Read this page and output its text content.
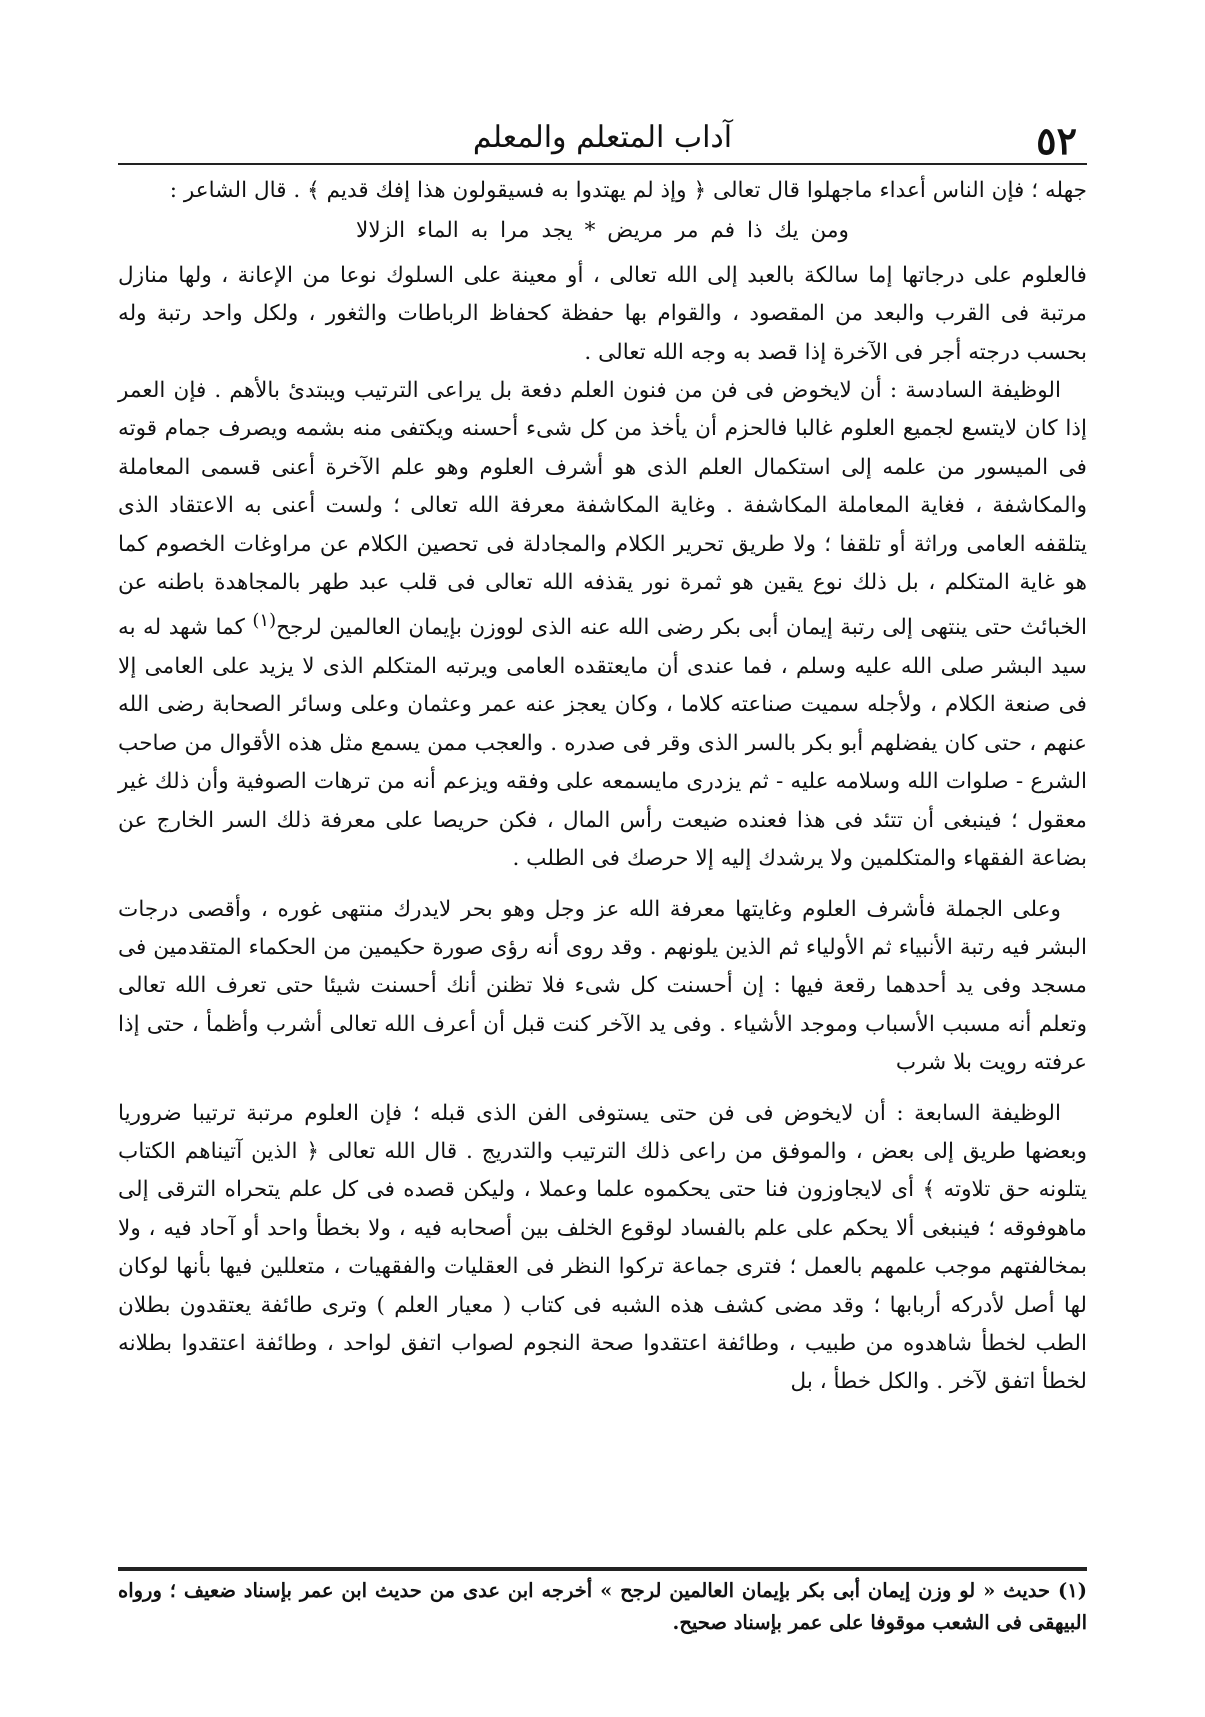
٥٢
آداب المتعلم والمعلم

جهله ؛ فإن الناس أعداء ماجهلوا قال تعالى ﴿ وإذ لم يهتدوا به فسيقولون هذا إفك قديم ﴾ . قال الشاعر :

ومن يك ذا فم مر مريض * يجد مرا به الماء الزلالا

فالعلوم على درجاتها إما سالكة بالعبد إلى الله تعالى ، أو معينة على السلوك نوعا من الإعانة ، ولها منازل مرتبة فى القرب والبعد من المقصود ، والقوام بها حفظة كحفاظ الرباطات والثغور ، ولكل واحد رتبة وله بحسب درجته أجر فى الآخرة إذا قصد به وجه الله تعالى .

الوظيفة السادسة : أن لايخوض فى فن من فنون العلم دفعة بل يراعى الترتيب ويبتدئ بالأهم . فإن العمر إذا كان لايتسع لجميع العلوم غالبا فالحزم أن يأخذ من كل شىء أحسنه ويكتفى منه بشمه ويصرف جمام قوته فى الميسور من علمه إلى استكمال العلم الذى هو أشرف العلوم وهو علم الآخرة أعنى قسمى المعاملة والمكاشفة ، فغاية المعاملة المكاشفة . وغاية المكاشفة معرفة الله تعالى ؛ ولست أعنى به الاعتقاد الذى يتلقفه العامى وراثة أو تلقفا ؛ ولا طريق تحرير الكلام والمجادلة فى تحصين الكلام عن مراوغات الخصوم كما هو غاية المتكلم ، بل ذلك نوع يقين هو ثمرة نور يقذفه الله تعالى فى قلب عبد طهر بالمجاهدة باطنه عن الخبائث حتى ينتهى إلى رتبة إيمان أبى بكر رضى الله عنه الذى لووزن بإيمان العالمين لرجح$^{(١)}$ كما شهد له به سيد البشر صلى الله عليه وسلم ، فما عندى أن مايعتقده العامى ويرتبه المتكلم الذى لا يزيد على العامى إلا فى صنعة الكلام ، ولأجله سميت صناعته كلاما ، وكان يعجز عنه عمر وعثمان وعلى وسائر الصحابة رضى الله عنهم ، حتى كان يفضلهم أبو بكر بالسر الذى وقر فى صدره . والعجب ممن يسمع مثل هذه الأقوال من صاحب الشرع - صلوات الله وسلامه عليه - ثم يزدرى مايسمعه على وفقه ويزعم أنه من ترهات الصوفية وأن ذلك غير معقول ؛ فينبغى أن تتئد فى هذا فعنده ضيعت رأس المال ، فكن حريصا على معرفة ذلك السر الخارج عن بضاعة الفقهاء والمتكلمين ولا يرشدك إليه إلا حرصك فى الطلب .

وعلى الجملة فأشرف العلوم وغايتها معرفة الله عز وجل وهو بحر لايدرك منتهى غوره ، وأقصى درجات البشر فيه رتبة الأنبياء ثم الأولياء ثم الذين يلونهم . وقد روى أنه رؤى صورة حكيمين من الحكماء المتقدمين فى مسجد وفى يد أحدهما رقعة فيها : إن أحسنت كل شىء فلا تظنن أنك أحسنت شيئا حتى تعرف الله تعالى وتعلم أنه مسبب الأسباب وموجد الأشياء . وفى يد الآخر كنت قبل أن أعرف الله تعالى أشرب وأظمأ ، حتى إذا عرفته رويت بلا شرب

الوظيفة السابعة : أن لايخوض فى فن حتى يستوفى الفن الذى قبله ؛ فإن العلوم مرتبة ترتيبا ضروريا وبعضها طريق إلى بعض ، والموفق من راعى ذلك الترتيب والتدريج . قال الله تعالى ﴿ الذين آتيناهم الكتاب يتلونه حق تلاوته ﴾ أى لايجاوزون فنا حتى يحكموه علما وعملا ، وليكن قصده فى كل علم يتحراه الترقى إلى ماهوفوقه ؛ فينبغى ألا يحكم على علم بالفساد لوقوع الخلف بين أصحابه فيه ، ولا بخطأ واحد أو آحاد فيه ، ولا بمخالفتهم موجب علمهم بالعمل ؛ فترى جماعة تركوا النظر فى العقليات والفقهيات ، متعللين فيها بأنها لوكان لها أصل لأدركه أربابها ؛ وقد مضى كشف هذه الشبه فى كتاب ( معيار العلم ) وترى طائفة يعتقدون بطلان الطب لخطأ شاهدوه من طبيب ، وطائفة اعتقدوا صحة النجوم لصواب اتفق لواحد ، وطائفة اعتقدوا بطلانه لخطأ اتفق لآخر . والكل خطأ ، بل

(١)حديث « لو وزن إيمان أبى بكر بإيمان العالمين لرجح » أخرجه ابن عدى من حديث ابن عمر بإسناد ضعيف ؛ ورواه البيهقى فى الشعب موقوفا على عمر بإسناد صحيح.
